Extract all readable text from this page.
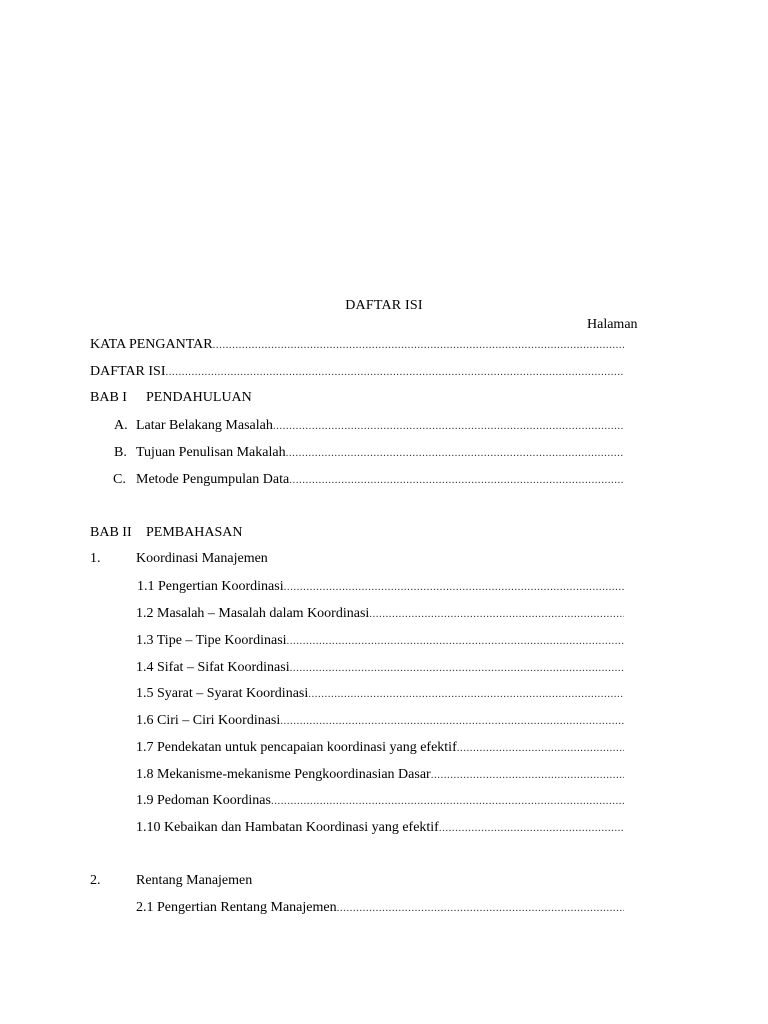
DAFTAR ISI
Halaman
KATA PENGANTAR
.....
DAFTAR ISI
.....
BAB I PENDAHULUAN
A. Latar Belakang Masalah
.....
B. Tujuan Penulisan Makalah
.....
C. Metode Pengumpulan Data
.....
BAB II PEMBAHASAN
1.	Koordinasi Manajemen
1.1 Pengertian Koordinasi
.....
1.2 Masalah – Masalah dalam Koordinasi
.....
1.3 Tipe – Tipe Koordinasi
.....
1.4 Sifat – Sifat Koordinasi
.....
1.5 Syarat – Syarat Koordinasi
.....
1.6 Ciri – Ciri Koordinasi
.....
1.7 Pendekatan untuk pencapaian koordinasi yang efektif
.....
1.8 Mekanisme-mekanisme Pengkoordinasian Dasar
.....
1.9 Pedoman Koordinas
.....
1.10 Kebaikan dan Hambatan Koordinasi yang efektif
.....
2.	Rentang Manajemen
2.1 Pengertian Rentang Manajemen
.....
